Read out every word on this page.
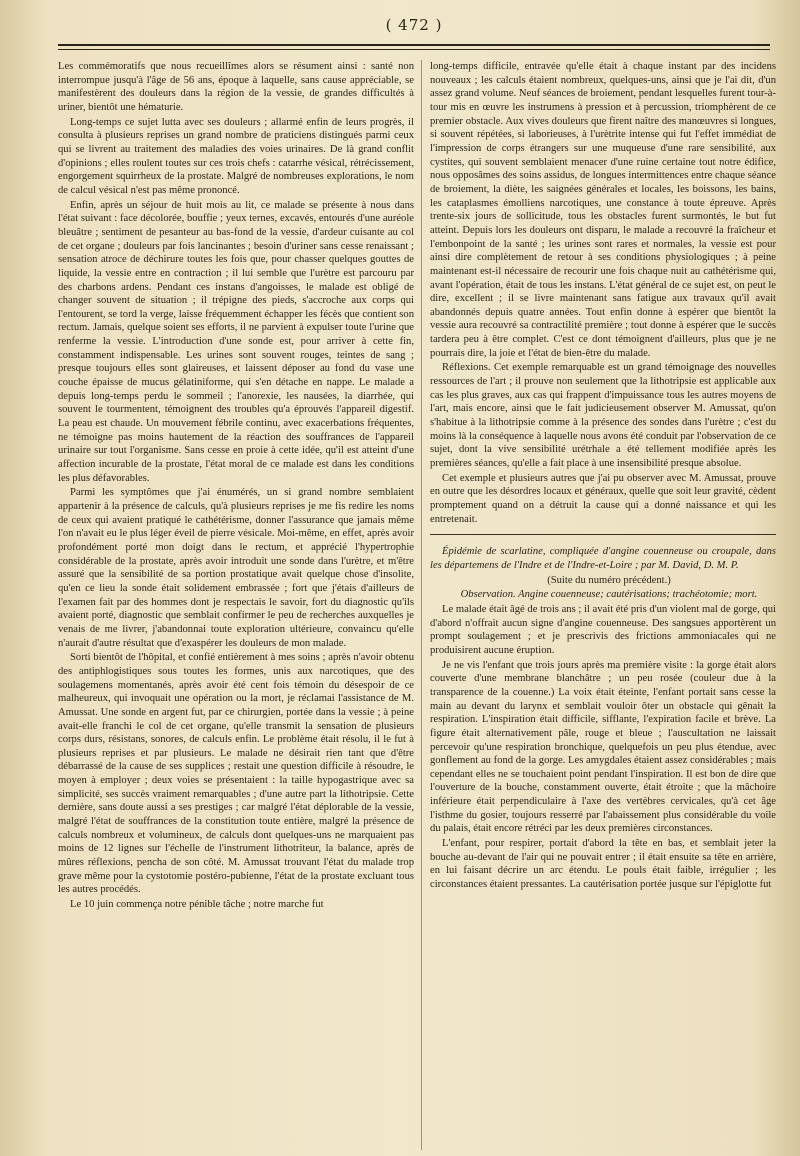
( 472 )

Les commémoratifs que nous recueillîmes alors se résument ainsi : santé non interrompue jusqu'à l'âge de 56 ans, époque à laquelle, sans cause appréciable, se manifestèrent des douleurs dans la région de la vessie, de grandes difficultés à uriner, bientôt une hématurie.

Long-temps ce sujet lutta avec ses douleurs ; allarmé enfin de leurs progrès, il consulta à plusieurs reprises un grand nombre de praticiens distingués parmi ceux qui se livrent au traitement des maladies des voies urinaires. De là grand conflit d'opinions ; elles roulent toutes sur ces trois chefs : catarrhe vésical, rétrécissement, engorgement squirrheux de la prostate. Malgré de nombreuses explorations, le nom de calcul vésical n'est pas même prononcé.

Enfin, après un séjour de huit mois au lit, ce malade se présente à nous dans l'état suivant : face décolorée, bouffie ; yeux ternes, excavés, entourés d'une auréole bleuâtre ; sentiment de pesanteur au bas-fond de la vessie, d'ardeur cuisante au col de cet organe ; douleurs par fois lancinantes ; besoin d'uriner sans cesse renaissant ; sensation atroce de déchirure toutes les fois que, pour chasser quelques gouttes de liquide, la vessie entre en contraction ; il lui semble que l'urètre est parcouru par des charbons ardens. Pendant ces instans d'angoisses, le malade est obligé de changer souvent de situation ; il trépigne des pieds, s'accroche aux corps qui l'entourent, se tord la verge, laisse fréquemment échapper les fécès que contient son rectum. Jamais, quelque soient ses efforts, il ne parvient à expulser toute l'urine que renferme la vessie. L'introduction d'une sonde est, pour arriver à cette fin, constamment indispensable. Les urines sont souvent rouges, teintes de sang ; presque toujours elles sont glaireuses, et laissent déposer au fond du vase une couche épaisse de mucus gélatiniforme, qui s'en détache en nappe. Le malade a depuis long-temps perdu le sommeil ; l'anorexie, les nausées, la diarrhée, qui souvent le tourmentent, témoignent des troubles qu'a éprouvés l'appareil digestif. La peau est chaude. Un mouvement fébrile continu, avec exacerbations fréquentes, ne témoigne pas moins hautement de la réaction des souffrances de l'appareil urinaire sur tout l'organisme. Sans cesse en proie à cette idée, qu'il est atteint d'une affection incurable de la prostate, l'état moral de ce malade est dans les conditions les plus défavorables.

Parmi les symptômes que j'ai énumérés, un si grand nombre semblaient appartenir à la présence de calculs, qu'à plusieurs reprises je me fis redire les noms de ceux qui avaient pratiqué le cathétérisme, donner l'assurance que jamais même l'on n'avait eu le plus léger éveil de pierre vésicale. Moi-même, en effet, après avoir profondément porté mon doigt dans le rectum, et apprécié l'hypertrophie considérable de la prostate, après avoir introduit une sonde dans l'urètre, et m'être assuré que la sensibilité de sa portion prostatique avait quelque chose d'insolite, qu'en ce lieu la sonde était solidement embrassée ; fort que j'étais d'ailleurs de l'examen fait par des hommes dont je respectais le savoir, fort du diagnostic qu'ils avaient porté, diagnostic que semblait confirmer le peu de recherches auxquelles je venais de me livrer, j'abandonnai toute exploration ultérieure, convaincu qu'elle n'aurait d'autre résultat que d'exaspérer les douleurs de mon malade.

Sorti bientôt de l'hôpital, et confié entièrement à mes soins ; après n'avoir obtenu des antiphlogistiques sous toutes les formes, unis aux narcotiques, que des soulagemens momentanés, après avoir été cent fois témoin du désespoir de ce malheureux, qui invoquait une opération ou la mort, je réclamai l'assistance de M. Amussat. Une sonde en argent fut, par ce chirurgien, portée dans la vessie ; à peine avait-elle franchi le col de cet organe, qu'elle transmit la sensation de plusieurs corps durs, résistans, sonores, de calculs enfin. Le problème était résolu, il le fut à plusieurs reprises et par plusieurs. Le malade ne désirait rien tant que d'être débarrassé de la cause de ses supplices ; restait une question difficile à résoudre, le moyen à employer ; deux voies se présentaient : la taille hypogastrique avec sa simplicité, ses succès vraiment remarquables ; d'une autre part la lithotripsie. Cette dernière, sans doute aussi a ses prestiges ; car malgré l'état déplorable de la vessie, malgré l'état de souffrances de la constitution toute entière, malgré la présence de calculs nombreux et volumineux, de calculs dont quelques-uns ne marquaient pas moins de 12 lignes sur l'échelle de l'instrument lithotriteur, la balance, après de mûres réflexions, pencha de son côté. M. Amussat trouvant l'état du malade trop grave même pour la cystotomie postéro-pubienne, l'état de la prostate excluant tous les autres procédés.

Le 10 juin commença notre pénible tâche ; notre marche fut

long-temps difficile, entravée qu'elle était à chaque instant par des incidens nouveaux ; les calculs étaient nombreux, quelques-uns, ainsi que je l'ai dit, d'un assez grand volume. Neuf séances de broiement, pendant lesquelles furent tour-à-tour mis en œuvre les instrumens à pression et à percussion, triomphèrent de ce premier obstacle. Aux vives douleurs que firent naître des manœuvres si longues, si souvent répétées, si laborieuses, à l'urètrite intense qui fut l'effet immédiat de l'impression de corps étrangers sur une muqueuse d'une rare sensibilité, aux cystites, qui souvent semblaient menacer d'une ruine certaine tout notre édifice, nous opposâmes des soins assidus, de longues intermittences entre chaque séance de broiement, la diète, les saignées générales et locales, les boissons, les bains, les cataplasmes émolliens narcotiques, une constance à toute épreuve. Après trente-six jours de sollicitude, tous les obstacles furent surmontés, le but fut atteint. Depuis lors les douleurs ont disparu, le malade a recouvré la fraîcheur et l'embonpoint de la santé ; les urines sont rares et normales, la vessie est pour ainsi dire complètement de retour à ses conditions physiologiques ; à peine maintenant est-il nécessaire de recourir une fois chaque nuit au cathétérisme qui, avant l'opération, était de tous les instans. L'état général de ce sujet est, on peut le dire, excellent ; il se livre maintenant sans fatigue aux travaux qu'il avait abandonnés depuis quatre années. Tout enfin donne à espérer que bientôt la vessie aura recouvré sa contractilité première ; tout donne à espérer que le succès tardera peu à être complet. C'est ce dont témoignent d'ailleurs, plus que je ne pourrais dire, la joie et l'état de bien-être du malade.

Réflexions. Cet exemple remarquable est un grand témoignage des nouvelles ressources de l'art ; il prouve non seulement que la lithotripsie est applicable aux cas les plus graves, aux cas qui frappent d'impuissance tous les autres moyens de l'art, mais encore, ainsi que le fait judicieusement observer M. Amussat, qu'on s'habitue à la lithotripsie comme à la présence des sondes dans l'urètre ; c'est du moins là la conséquence à laquelle nous avons été conduit par l'observation de ce sujet, dont la vive sensibilité urétrhale a été tellement modifiée après les premières séances, qu'elle a fait place à une insensibilité presque absolue.

Cet exemple et plusieurs autres que j'ai pu observer avec M. Amussat, prouve en outre que les désordres locaux et généraux, quelle que soit leur gravité, cèdent promptement quand on a détruit la cause qui a donné naissance et qui les entretenait.

Épidémie de scarlatine, compliquée d'angine couenneuse ou croupale, dans les départemens de l'Indre et de l'Indre-et-Loire ; par M. David, D. M. P.

(Suite du numéro précédent.)

Observation. Angine couenneuse; cautérisations; trachéotomie; mort.

Le malade était âgé de trois ans ; il avait été pris d'un violent mal de gorge, qui d'abord n'offrait aucun signe d'angine couenneuse. Des sangsues apportèrent un prompt soulagement ; et je prescrivis des frictions ammoniacales qui ne produisirent aucune éruption.

Je ne vis l'enfant que trois jours après ma première visite : la gorge était alors couverte d'une membrane blanchâtre ; un peu rosée (couleur due à la transparence de la couenne.) La voix était éteinte, l'enfant portait sans cesse la main au devant du larynx et semblait vouloir ôter un obstacle qui gênait la respiration. L'inspiration était difficile, sifflante, l'expiration facile et brève. La figure était alternativement pâle, rouge et bleue ; l'auscultation ne laissait percevoir qu'une respiration bronchique, quelquefois un peu plus étendue, avec gonflement au fond de la gorge. Les amygdales étaient assez considérables ; mais cependant elles ne se touchaient point pendant l'inspiration. Il est bon de dire que l'ouverture de la bouche, constamment ouverte, était étroite ; que la mâchoire inférieure était perpendiculaire à l'axe des vertèbres cervicales, qu'à cet âge l'isthme du gosier, toujours resserré par l'abaissement plus considérable du voile du palais, était encore rétréci par les deux premières circonstances.

L'enfant, pour respirer, portait d'abord la tête en bas, et semblait jeter la bouche au-devant de l'air qui ne pouvait entrer ; il était ensuite sa tête en arrière, en lui faisant décrire un arc étendu. Le pouls était faible, irrégulier ; les circonstances étaient pressantes. La cautérisation portée jusque sur l'épiglotte fut
